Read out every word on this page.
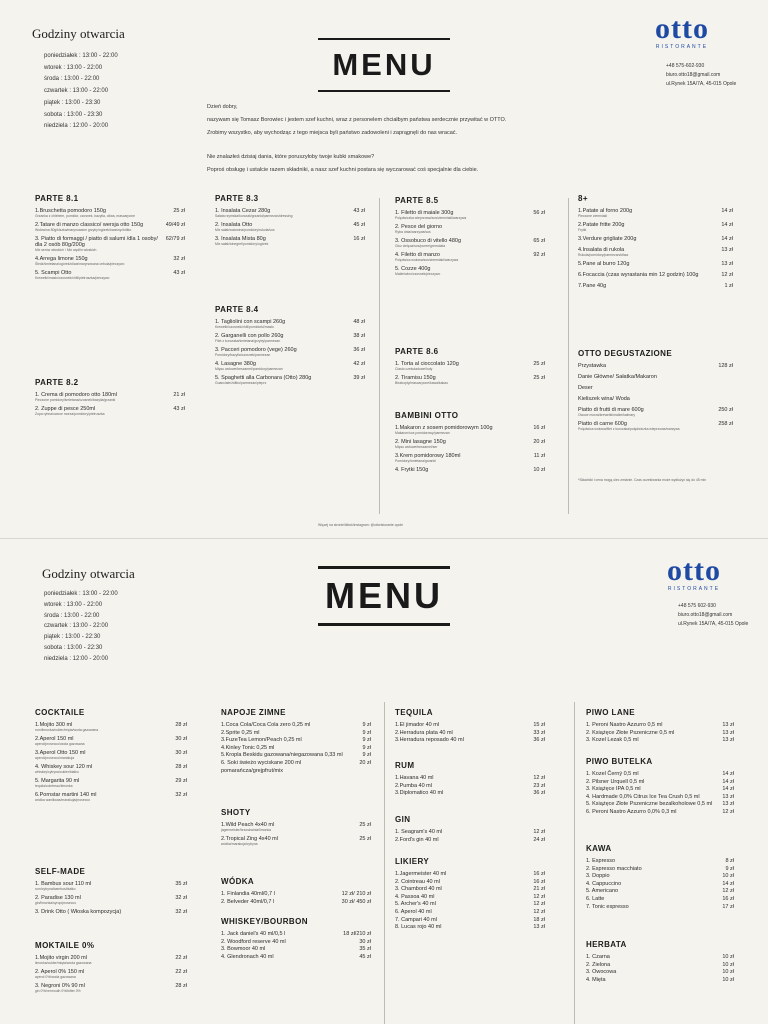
Godziny otwarcia
poniedziałek : 13:00 - 22:00
wtorek : 13:00 - 22:00
środa : 13:00 - 22:00
czwartek : 13:00 - 22:00
piątek : 13:00 - 23:30
sobota : 13:00 - 23:30
niedziela : 12:00 - 20:00
MENU
otto
RISTORANTE
+48 575-602-930
biuro.otto18@gmail.com
ul.Rynek 15A/7A, 45-015 Opole
Dzień dobry,
nazywam się Tomasz Borowiec i jestem szef kuchni, wraz z personelem chciałbym państwa serdecznie przywitać w OTTO.
Zrobimy wszystko, aby wychodząc z tego miejsca byli państwo zadowoleni i zaprągnęli do nas wracać.
Nie znalazłeś dzisiaj dania, które poruszyłoby twoje kubki smakowe?
Poproś obsługę i ustalcie razem składniki, a nasz szef kuchni postara się wyczarować coś specjalnie dla ciebie.
PARTE 8.1
1.Bruschetta pomodoro 150g
Grzanka z chlebem, pomidor, czosnek, bazylia, oliwa, mascarpone
25 zł
2.Tatare di manzo classico/ wersja otto 150g
Wołowina 80g/kiszka/marynowane grzyby/ogórek/kwaśny/żółtko
49/49 zł
3. Piatto di formaggi / piatto di salumi /dla 1 osoby/ dla 2 osób 80g/200g
Mix serów włoskich / Mix wędlin włoskich
62/79 zł
4.Arrega limone 150g
Śledź/śmietana/ogórek/oliwa/marynowana cebula/pieczywo
32 zł
5. Scampi Otto
Krewetki/masło/czosnek/chili/pietruszka/pieczywo
43 zł
PARTE 8.2
1. Crema di pomodoro otto 180ml
Pieczone pomidory/śmietana/czosnek/bazylia/grzanki
21 zł
2. Zuppe di pesce 250ml
Zupa rybna/owoce morza/pomidory/pietruszka
43 zł
PARTE 8.3
1. Insalata Cezar 280g
Sałata rzymska/kurczak/grzanki/parmezan/dressing
43 zł
2. Insalata Otto
Mix sałat/wołowina/pomidory/rukola/sos
45 zł
3. Insalata Mista 80g
Mix sałat/winegret/pomidory/ogórek
16 zł
PARTE 8.4
1. Tagliolini con scampi 260g
Krewetki/czosnek/chili/pomidorki/masło
48 zł
2. Garganelli con pollo 260g
Filet z kurczaka/śmietana/grzyby/parmezan
38 zł
3. Pacceri pomodoro (vege) 260g
Pomidory/bazylia/czosnek/parmezan
36 zł
4. Lasagne 380g
Mięso wołowe/beszamel/pomidory/parmezan
42 zł
5. Spaghetti alla Carbonara (Otto) 280g
Guanciale/żółtko/parmezan/pieprz
39 zł
PARTE 8.5
1. Filetto di maiale 300g
Polędwiczka wieprzowa/sos/ziemniaki/warzywa
56 zł
2. Pesce del giorno
Ryba dnia/warzywa/sos
3. Ossobuco di vitello 480g
Gicz cielęca/sos/puree/gremolata
65 zł
4. Filetto di manzo
Polędwica wołowa/sos/ziemniaki/warzywa
92 zł
5. Cozze 400g
Małże/wino/czosnek/pieczywo
PARTE 8.6
1. Torta al cioccolato 120g
Ciasto czekoladowe/lody
25 zł
2. Tiramisu 150g
Biszkopty/mascarpone/kawa/kakao
25 zł
BAMBINI OTTO
1.Makaron z sosem pomidorowym 100g
Makaron/sos pomidorowy/parmezan
16 zł
2. Mini lasagne 150g
Mięso wołowe/beszamel/ser
20 zł
3.Krem pomidorowy 180ml
Pomidory/śmietana/grzanki
11 zł
4. Frytki 150g	10 zł
8+
1.Patate al forno 200g
Pieczone ziemniaki
14 zł
2.Patate fritte 200g
Frytki
14 zł
3.Verdure grigliate 200g	14 zł
4.Insalata di rukola
Rukola/pomidory/parmezan/oliwa
13 zł
5.Pane al burro 120g	13 zł
6.Focaccia (czas wyrastania min 12 godzin) 100g	12 zł
7.Pane 40g	1 zł
OTTO DEGUSTAZIONE
Przystawka	128 zł
Danie Główne/ Sałatka/Makaron
Deser
Kieliszek wina/ Woda
Piatto di frutti di mare 600g
Owoce morza/krewetki/małże/kalmary
250 zł
Piatto di carne 600g
Polędwica wołowa/filet z kurczaka/polędwiczka wieprzowa/warzywa
258 zł
*Składniki i cena mogą ulec zmianie. Czas oczekiwania może wydłużyć się do 45 min
Więcej na stronie/tiktok/instagram: @ottoristorante.opole
Godziny otwarcia
poniedziałek : 13:00 - 22:00
wtorek : 13:00 - 22:00
środa : 13:00 - 22:00
czwartek : 13:00 - 22:00
piątek : 13:00 - 22:30
sobota : 13:00 - 22:30
niedziela : 12:00 - 20:00
MENU
otto
RISTORANTE
+48 575 602-930
biuro.otto18@gmail.com
ul.Rynek 15A/7A, 45-015 Opole
COCKTAILE
1.Mojito 300 ml
rum/limonka/cukier/mięta/woda gazowana
28 zł
2.Aperol 150 ml
aperol/prosecco/woda gazowana
30 zł
3.Aperol Otto 150 ml
aperol/prosecco/marakuja
30 zł
4. Whiskey sour 120 ml
whiskey/cytryna/cukier/białko
28 zł
5. Margarita 90 ml
tequila/cointreau/limonka
29 zł
6.Pornstar martini 140 ml
wódka waniliowa/marakuja/prosecco
32 zł
SELF-MADE
1. Bambus sour 110 ml
rum/cytryna/bambus/białko
35 zł
2. Paradise 130 ml
gin/limonka/syrop/prosecco
32 zł
3. Drink Otto ( Włoska kompozycja)	32 zł
MOKTAILE 0%
1.Mojito virgin 200 ml
limonka/cukier/mięta/woda gazowana
22 zł
2. Aperol 0% 150 ml
aperol 0%/woda gazowana
22 zł
3. Negroni 0% 90 ml
gin 0%/vermouth 0%/bitter 0%
28 zł
NAPOJE ZIMNE
1.Coca Cola/Coca Cola zero 0,25 ml	9 zł
2.Sprite 0,25 ml	9 zł
3.FuzeTea Lemon/Peach 0,25 ml	9 zł
4.Kinley Tonic 0,25 ml	9 zł
5.Kropla Beskidu gazowana/niegazowana 0,33 ml	9 zł
6. Soki świeżo wyciskane 200 ml	20 zł
pomarańcza/grejpfrut/mix
SHOTY
1.Wild Peach 4x40 ml
jagermeister/brzoskwinia/limonka
25 zł
2.Tropical Zing 4x40 ml
wódka/marakuja/cytryna
25 zł
WÓDKA
1. Finlandia 40ml/0,7 l	12 zł/ 210 zł
2. Belveder 40ml/0,7 l	30 zł/ 450 zł
WHISKEY/BOURBON
1. Jack daniel's 40 ml/0,5 l	18 zł/210 zł
2. Woodford reserve 40 ml	30 zł
3. Bowmoor 40 ml	35 zł
4. Glendronach 40 ml	45 zł
TEQUILA
1.El jimador 40 ml	15 zł
2.Herradura plata 40 ml	33 zł
3.Herradura reposado 40 ml	36 zł
RUM
1.Havana 40 ml	12 zł
2.Pumba 40 ml	23 zł
3.Diplomatico 40 ml	36 zł
GIN
1. Seagram's 40 ml	12 zł
2.Ford's gin 40 ml	24 zł
LIKIERY
1.Jagermeister 40 ml	16 zł
2. Cointreau 40 ml	16 zł
3. Chambord 40 ml	21 zł
4. Passoa 40 ml	12 zł
5. Archer's 40 ml	12 zł
6. Aperol 40 ml	12 zł
7. Campari 40 ml	18 zł
8. Lucas rojo 40 ml	13 zł
PIWO LANE
1. Peroni Nastro Azzurro 0,5 ml	13 zł
2. Książęce Złote Pszeniczne 0,5 ml	13 zł
3. Kozel Lezak 0,5 ml	13 zł
PIWO BUTELKA
1. Kozel Černý 0,5 ml	14 zł
2. Pilsner Urquell 0,5 ml	14 zł
3. Książęce IPA 0,5 ml	14 zł
4. Hardmade 0,0% Citrus Ice Tea Crush 0,5 ml	13 zł
5. Książęce Złote Pszeniczne bezalkoholowe 0,5 ml	13 zł
6. Peroni Nastro Azzurro 0,0% 0,3 ml	12 zł
KAWA
1. Espresso	8 zł
2. Espresso macchiato	9 zł
3. Doppio	10 zł
4. Cappuccino	14 zł
5. Americano	12 zł
6. Latte	16 zł
7. Tonic espresso	17 zł
HERBATA
1. Czarna	10 zł
2. Zielona	10 zł
3. Owocowa	10 zł
4. Mięta	10 zł
